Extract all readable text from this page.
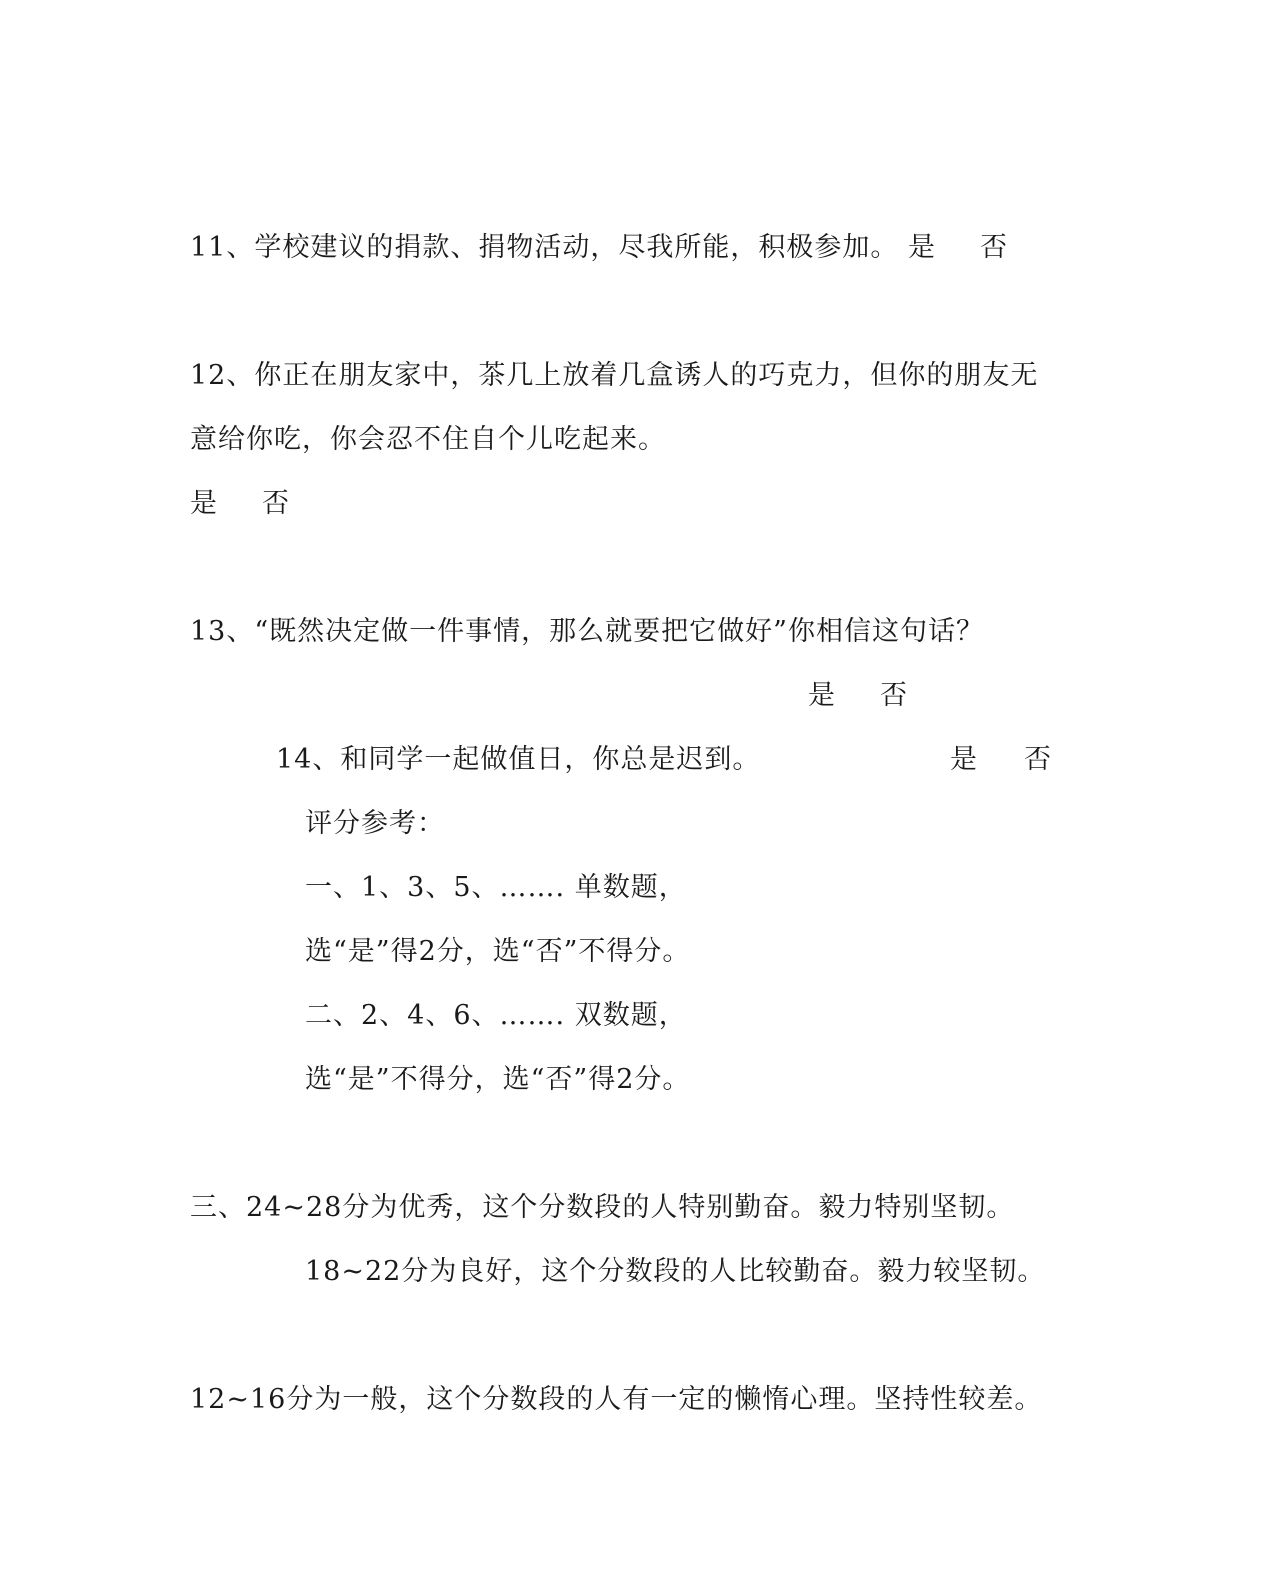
11、学校建议的捐款、捐物活动，尽我所能，积极参加。 是 否
12、你正在朋友家中，茶几上放着几盒诱人的巧克力，但你的朋友无
意给你吃，你会忍不住自个儿吃起来。
是 否
13、“既然决定做一件事情，那么就要把它做好”你相信这句话？
是 否
14、和同学一起做值日，你总是迟到。	是 否
评分参考：
一、1、3、5、……. 单数题，
选“是”得2分，选“否”不得分。
二、2、4、6、……. 双数题，
选“是”不得分，选“否”得2分。
三、24~28分为优秀，这个分数段的人特别勤奋。毅力特别坚韧。
18~22分为良好，这个分数段的人比较勤奋。毅力较坚韧。
12~16分为一般，这个分数段的人有一定的懒惰心理。坚持性较差。
